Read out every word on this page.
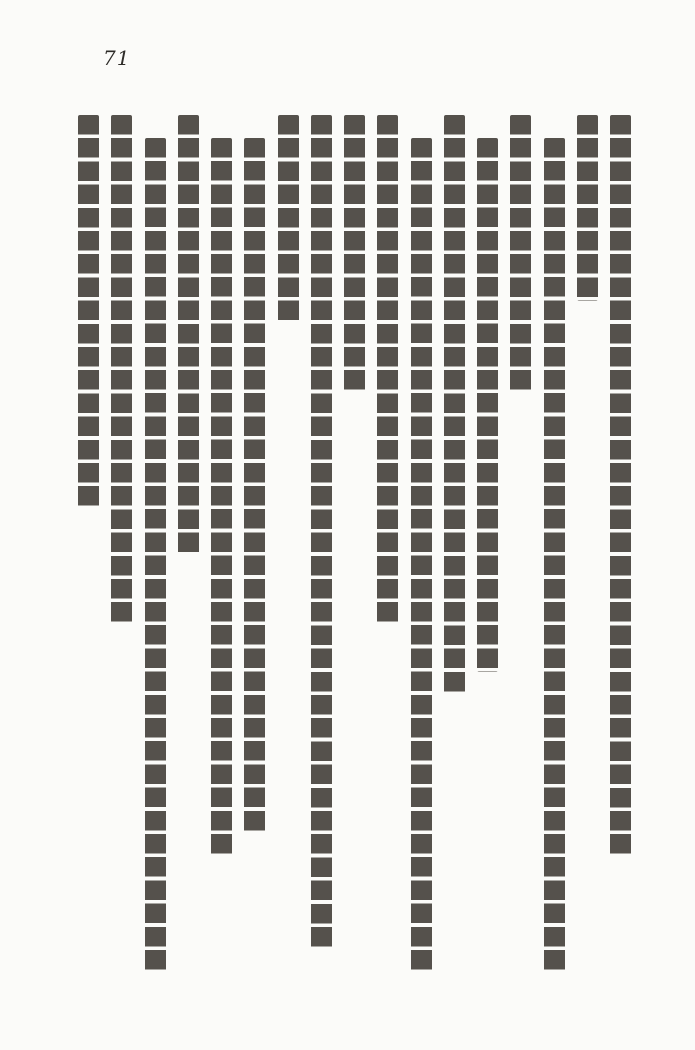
71
